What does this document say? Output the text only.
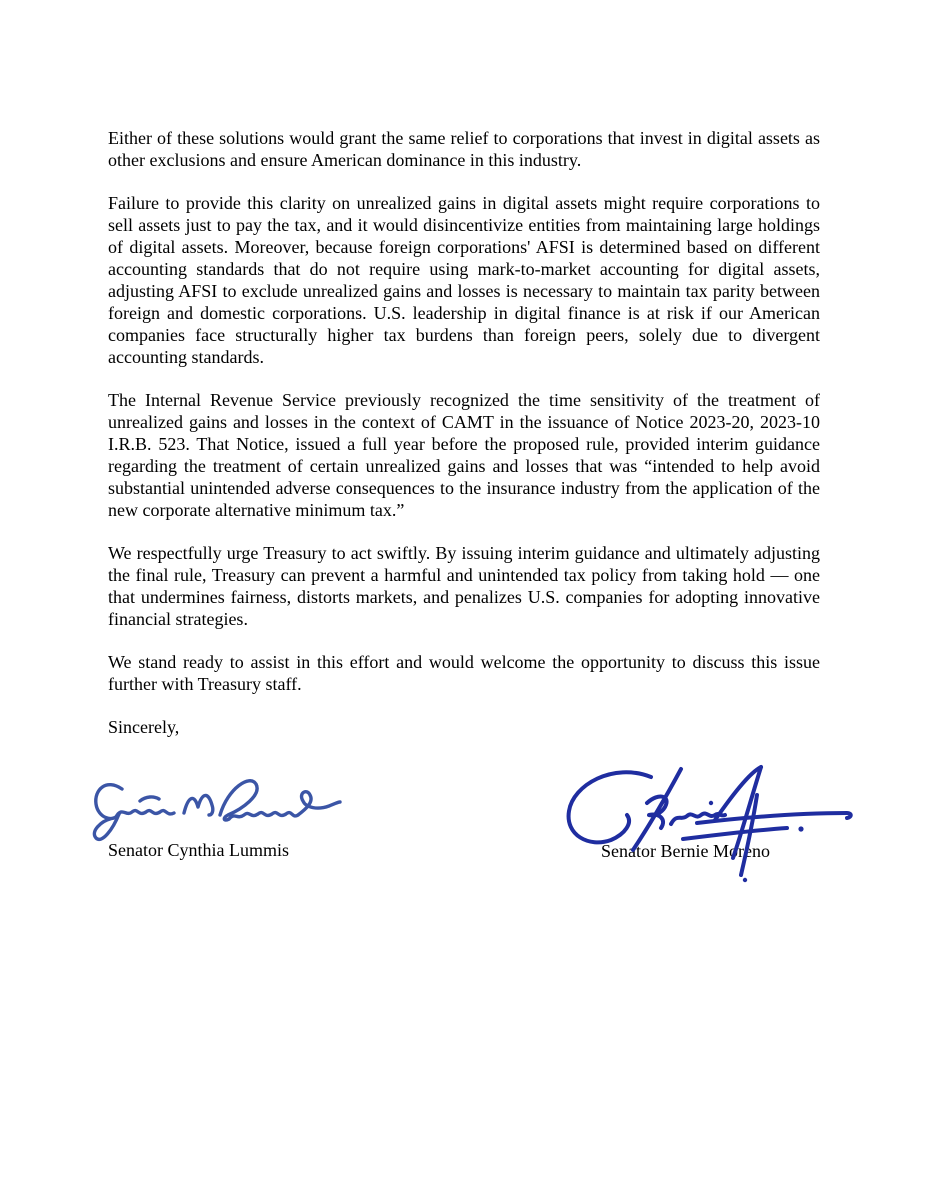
Either of these solutions would grant the same relief to corporations that invest in digital assets as other exclusions and ensure American dominance in this industry.

Failure to provide this clarity on unrealized gains in digital assets might require corporations to sell assets just to pay the tax, and it would disincentivize entities from maintaining large holdings of digital assets. Moreover, because foreign corporations' AFSI is determined based on different accounting standards that do not require using mark-to-market accounting for digital assets, adjusting AFSI to exclude unrealized gains and losses is necessary to maintain tax parity between foreign and domestic corporations. U.S. leadership in digital finance is at risk if our American companies face structurally higher tax burdens than foreign peers, solely due to divergent accounting standards.

The Internal Revenue Service previously recognized the time sensitivity of the treatment of unrealized gains and losses in the context of CAMT in the issuance of Notice 2023-20, 2023-10 I.R.B. 523. That Notice, issued a full year before the proposed rule, provided interim guidance regarding the treatment of certain unrealized gains and losses that was “intended to help avoid substantial unintended adverse consequences to the insurance industry from the application of the new corporate alternative minimum tax.”

We respectfully urge Treasury to act swiftly. By issuing interim guidance and ultimately adjusting the final rule, Treasury can prevent a harmful and unintended tax policy from taking hold — one that undermines fairness, distorts markets, and penalizes U.S. companies for adopting innovative financial strategies.

We stand ready to assist in this effort and would welcome the opportunity to discuss this issue further with Treasury staff.

Sincerely,
Senator Cynthia Lummis	Senator Bernie Moreno
